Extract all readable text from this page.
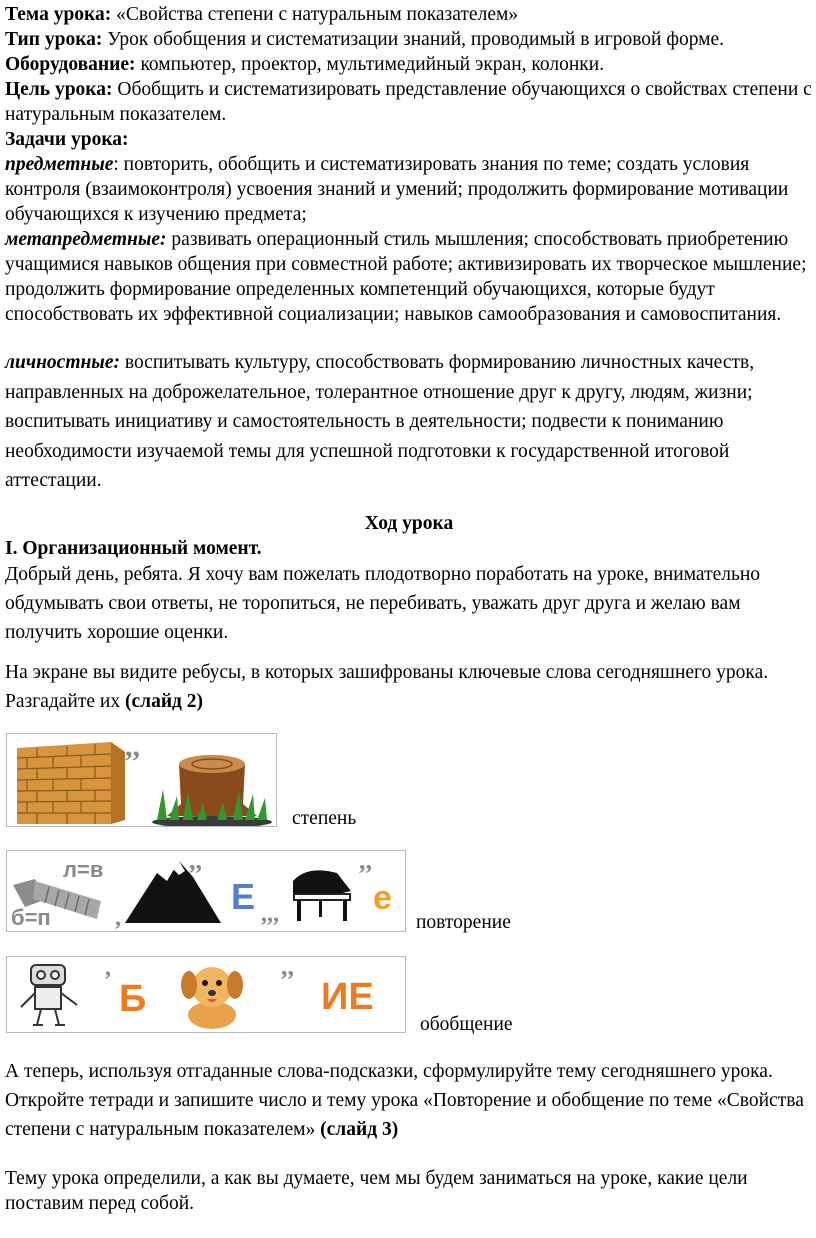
Тема урока: «Свойства степени с натуральным показателем»

Тип урока: Урок обобщения и систематизации знаний, проводимый в игровой форме.

Оборудование: компьютер, проектор, мультимедийный экран, колонки.

Цель урока: Обобщить и систематизировать представление обучающихся о свойствах степени с натуральным показателем.

Задачи урока:

предметные: повторить, обобщить и систематизировать знания по теме; создать условия контроля (взаимоконтроля) усвоения знаний и умений; продолжить формирование мотивации обучающихся к изучению предмета;

метапредметные: развивать операционный стиль мышления; способствовать приобретению учащимися навыков общения при совместной работе; активизировать их творческое мышление; продолжить формирование определенных компетенций обучающихся, которые будут способствовать их эффективной социализации; навыков самообразования и самовоспитания.

личностные: воспитывать культуру, способствовать формированию личностных качеств, направленных на доброжелательное, толерантное отношение друг к другу, людям, жизни; воспитывать инициативу и самостоятельность в деятельности; подвести к пониманию необходимости изучаемой темы для успешной подготовки к государственной итоговой аттестации.

Ход урока

I. Организационный момент.

Добрый день, ребята. Я хочу вам пожелать плодотворно поработать на уроке, внимательно обдумывать свои ответы, не торопиться, не перебивать, уважать друг друга и желаю вам получить хорошие оценки.

На экране вы видите ребусы, в которых зашифрованы ключевые слова сегодняшнего урока. Разгадайте их (слайд 2)

,,
степень
л=в
б=п	,
,,
Е ,,,
,,
е
повторение
,
Б
,,
ИЕ
обобщение

А теперь, используя отгаданные слова-подсказки, сформулируйте тему сегодняшнего урока. Откройте тетради и запишите число и тему урока «Повторение и обобщение по теме «Свойства степени с натуральным показателем» (слайд 3)

Тему урока определили, а как вы думаете, чем мы будем заниматься на уроке, какие цели поставим перед собой.
